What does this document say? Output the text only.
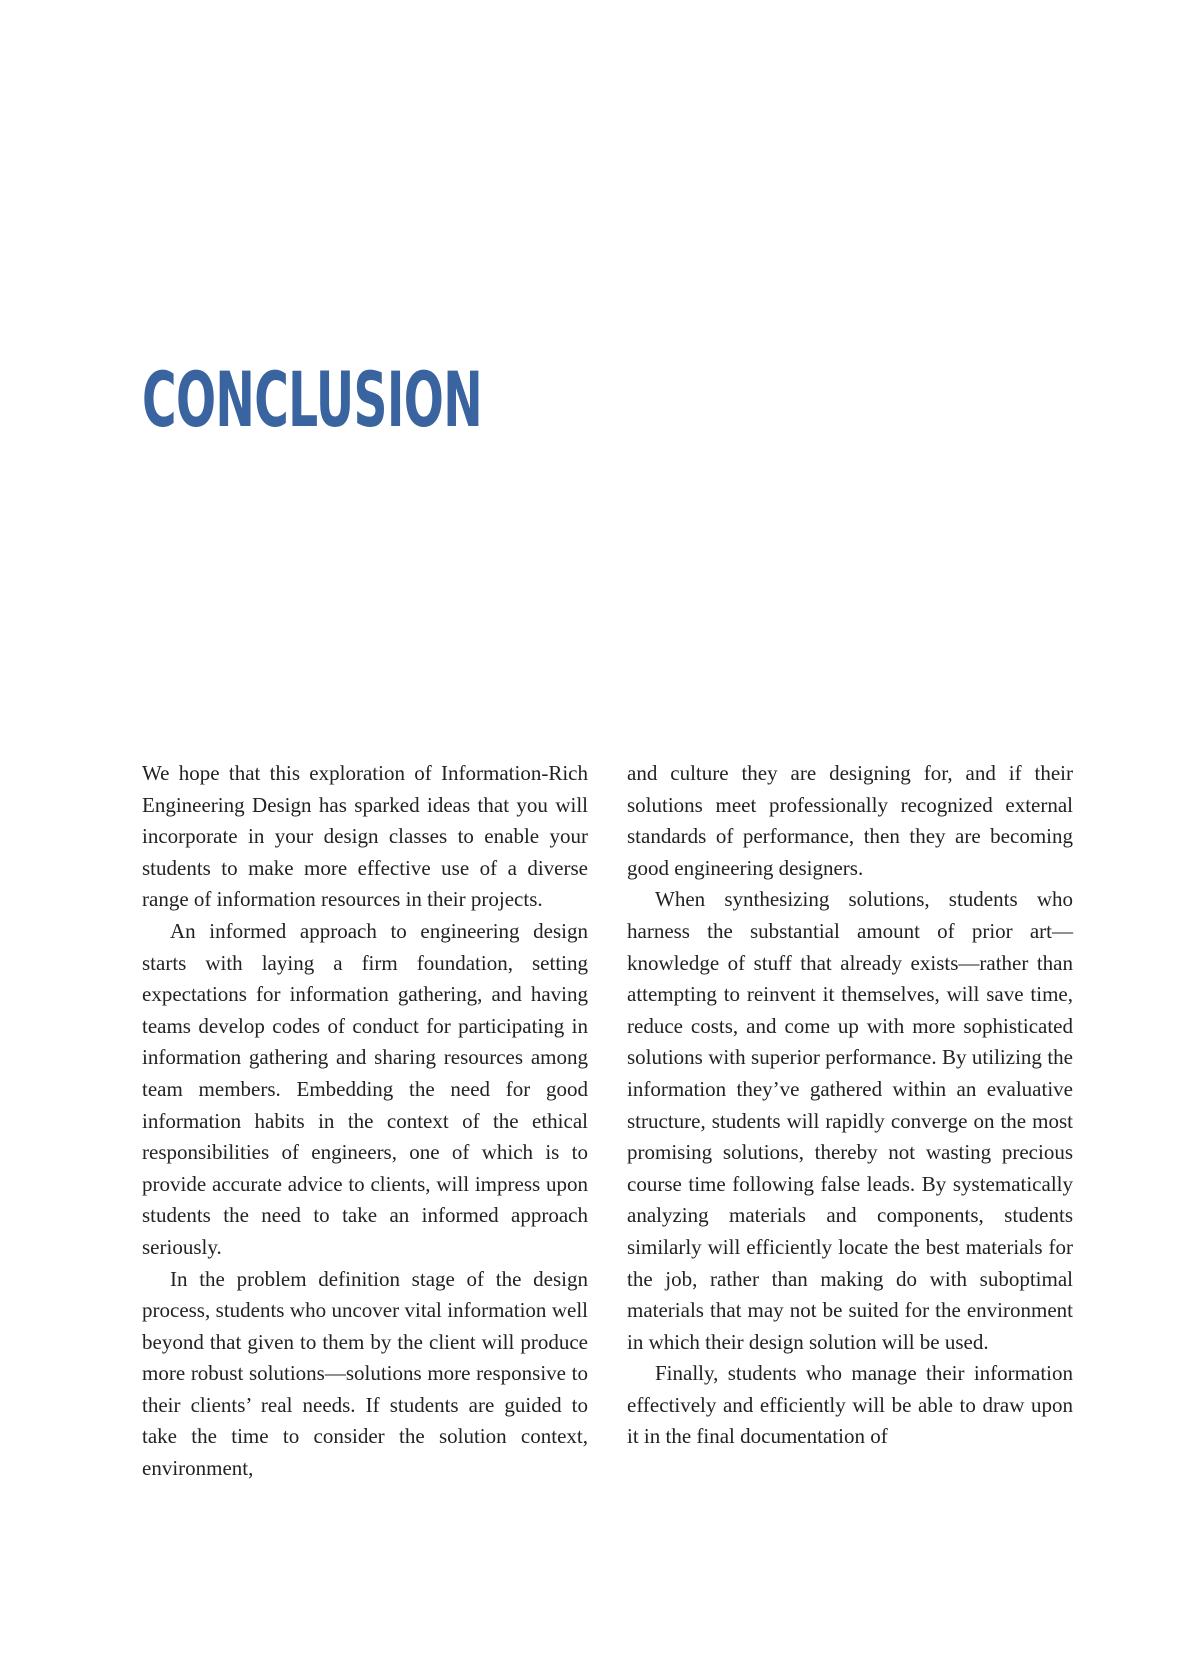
CONCLUSION

We hope that this exploration of Information-Rich Engineering Design has sparked ideas that you will incorporate in your design classes to enable your students to make more effective use of a diverse range of information resources in their projects.

An informed approach to engineering design starts with laying a firm foundation, setting expectations for information gathering, and having teams develop codes of conduct for participating in information gathering and sharing resources among team members. Embedding the need for good information habits in the context of the ethical responsibilities of engineers, one of which is to provide accurate advice to clients, will impress upon students the need to take an informed approach seriously.

In the problem definition stage of the design process, students who uncover vital information well beyond that given to them by the client will produce more robust solutions—solutions more responsive to their clients’ real needs. If students are guided to take the time to consider the solution context, environment,

and culture they are designing for, and if their solutions meet professionally recognized external standards of performance, then they are becoming good engineering designers.

When synthesizing solutions, students who harness the substantial amount of prior art—knowledge of stuff that already exists—rather than attempting to reinvent it themselves, will save time, reduce costs, and come up with more sophisticated solutions with superior performance. By utilizing the information they’ve gathered within an evaluative structure, students will rapidly converge on the most promising solutions, thereby not wasting precious course time following false leads. By systematically analyzing materials and components, students similarly will efficiently locate the best materials for the job, rather than making do with suboptimal materials that may not be suited for the environment in which their design solution will be used.

Finally, students who manage their information effectively and efficiently will be able to draw upon it in the final documentation of
